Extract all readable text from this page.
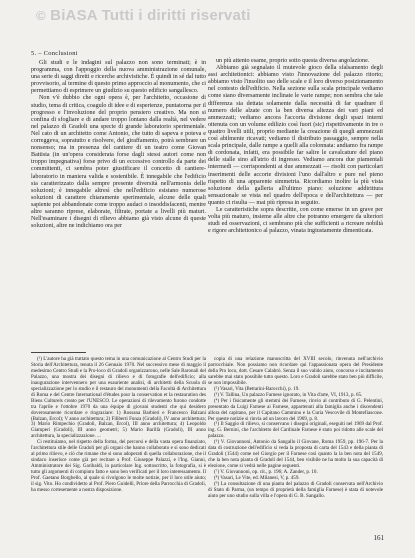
© BiASA Tutti i diritti riservati
5. – Conclusioni

Gli studi e le indagini sul palazzo non sono terminati; è in programma, con l'appoggio della nuova amministrazione comunale, una serie di saggi diretti e ricerche archivistiche. È quindi in sé dal tutto provvisorio, al termine di questo primo approccio al monumento, che ci permettiamo di esprimere un giudizio su questo edificio sangallesco.

Non v'è dubbio che ogni opera è, per l'architetto, occasione di studio, tema di critica, coagulo di idee e di esperienze, puntatorna per il progresso e l'involuzione del proprio pensiero creativo. Ma non si confina di sfogliare e di andare troppo lontano dalla realtà, nel vedere nel palazzo di Gradoli una specie di grande laboratorio sperimentale. Nel cato di un architetto come Antonio, che tutto di sapeva e poteva e correggeva, sopratutto e risolvere, del giraffamento, potrà sembrare un nonsenso; ma in presenza del cantiere di un teatro come Giovan Battista (in un'opera considerata forse dagli stessi autori come non troppo impegnativa) forse privo di un eccessivo controllo da parte dei committenti, ci sembra poter giustificare il concetto di cantiere-laboratorio in maniera valida e sostenibile. È innegabile che l'edificio sia caratterizzato dalla sempre presente diversità nell'armonia delle soluzioni; è innegabile altresì che nell'edificio esistano numerose soluzioni di carattere chiaramente sperimentale, alcune delle quali sapiente poi abbandonate come troppo audaci o insoddisfacenti, mentre altre saranno riprese, elaborate, filtrate, portate a livelli più maturi. Nell'esaminare i disegni di rilievo abbiamo già visto alcune di queste soluzioni, altre ne indichiamo ora per

un più attento esame, proprio sotto questa diversa angolazione.

Abbiamo già segnalato il mutevole gioco della sfalsamento degli assi architettonici: abbiamo visto l'innovazione del palazzo ritorto; abbiamo visto l'insolito uso delle scale e il loro diverso posizionamento nel contesto dell'edificio. Nella sezione sulla scala principale vediamo come siano diversamente inclinate le varie rampe; non sembra che tale differenza sia dettata solamente dalla necessità di far quadrare il numero delle alzate con la ben diversa altezza dei vari piani ed ammezzati; vediamo ancora l'accorta divisione degli spazi interni ottenuta con un volume edilizio così fuori (sic) rispettivamente in tre o quattro livelli utili, proprio mediante la creazione di quegli ammezzati così abilmente ricavati; vediamo il distributo passaggio, sempre nella scala principale, dalle rampe a quelli alla colonnata: andiamo fra rampe di cordonata, infatti, era possibile far salire le cavalcature del piano delle stalle sino all'atrio di ingresso. Vediamo ancora due piamentali intermedi — corrispondenti ai due ammezzati — risolti con particolari inserimenti delle accorte divisioni l'uno dall'altro e pure nel pieno rispetto di una apparente simmetria. Ricordiamo inoltre la più vista soluzione della galleria all'ultimo piano: soluzione addirittura sensazionale se vista nel quadro dell'epoca e dell'architettura — per quanto ci risulta — mai più ripresa in seguito.

Le caratteristiche sopra descritte, con come emerse in un grave per volta più maturo, insieme alle altre che potranno emergere da ulteriori studi ed osservazioni, ci sembrano più che sufficienti a ricreare nobiltà e rigore architettonico al palazzo, vinata ingiustamente dimenticata.

(¹) L'autore ha già trattato questo tema in una comunicazione al Centro Studi per la Storia dell'Architettura, tenuta il 26 Gennaio 1970. Nel successivo mese di maggio il medesimo Centro Studi e la Pro-loco di Gradoli organizzarono, nelle Sale Baronali del Palazzo, una mostra dei disegni di rilievo e di fotografie dell'edificio; alla inaugurazione intervennero per una esauriente analisi, di architetti della Scuola di specializzazione per lo studio e il restauro dei monumenti della Facoltà di Architettura di Roma e del Centre International d'études pour la conservation et la restauration des Biens Culturels creato per l'UNESCO. Le operazioni di rilevamento furono condotte tra l'aprile e l'ottobre 1970 da una équipe di giovani studenti che qui desidero doverosamente ricordare e ringraziare: 1) Rossana Barbieri e Francesco Balzani (Balzan, Ercol); V anno architettura; 2) Filiberti Funza (Gradoli), IV anno architettura; 3) Mario Rimpechio (Gradoli, Balzan, Ercol), III anno architettura; 4) Leopoldo Giamperi (Gradoli), III anno geometri; 5) Mario Barillà (Gradoli), III anno architettura, la specializzazione. ...

Ci restituiamo, nel rispetto della forma, dei percorsi e della vasta opera finanziato, l'architettura stile delle Gradoli per gli organi che hanno collaborato e si sono dedicati al primo rilievo, e ciò che rimane che si sono adoperati di quella collaborazione, che il sindaco inserisce come già per recitare a Prof. Giuseppe Palazzi, e l'Ing. Gianni, Amministratore dei Sig. Garibaldi, in particolare Ing. sottoscritto, la fotografia, si è tutto gli argomenti di compiuto fatto e sono ben verificati per il loro interessamento. Il Prof. Gaetano Borghello, al quale si rivolgono le molte notizie, per il loro utile aiuto; il sig. Vito. Ho condividetto al Prof. Piero Guidelli, Priore della Parrocchia di Gradoli, ha messo cortesemente a nostra disposizione.

copia di una relazione manoscritta del XVIII secolo, rinvenuta nell'archivio parrocchiale. Non possiamo non ricordare qui l'appassionata opera del Presidente della Pro loco, dott. Cesare Calabrò. Senza il suo valido aiuto, concorso e incitamento sarebbe mai stato possibile tutto questo. Loro e Gradoli sarebbe stato ben più difficile, se non impossibile.

(²) Vasari, Vita (Bettarini-Barocchi), p. 19.

(³) V. Tallina, Un palazzo Farnese ignorato, in Vita d'arte, VI, 1913, p. 65.

(⁴) Per i fisicamente gli stemmi dei Farnese, rinvio al contributo di G. Pelentini, presentato da Luigi Farnese ai Farnese, appartenuti alla famiglia anche i discendenti allora del capitano, per il Capitano Cammino e la Curia Vescovile di Montefiascone. Per queste notizie si rinvia ad un lavoro del 1969, p. 8.

(⁵) Il Saggio di rilievo, si conservano i disegni originali, eseguiti nel 1969 dal Prof. ing. G. Bernini, che l'architetto del Cardinale Farnese è stato poi ridotto alle scale del palazzo.

(⁶) V. Giovannoni, Antonio da Sangallo il Giovane, Roma 1959, pp. 196-7. Per la data di costruzione dell'edificio si veda la proposta di carta del 1543 e della pianta di Gradoli (1544) come nel Giorgio per il Farnese così quanto la la ben nota del 1549, che la ben nota pianta di Gradoli del 1544, ben visibile ne ha molto la sua capacità di elezione, come si vedrà nelle pagine seguenti.

(⁷) V. Giovannoni, op. cit., p. 196; A. Zander, p. 10.

(⁸) Vasari, Le Vite, ed. Milanesi, V, p. 459.

(⁹) La consultazione di una pianta del palazzo di Gradoli conservata nell'Archivio di Stato di Parma, (un tempo di proprietà della famiglia Farnese) è stata di notevole aiuto per uno studio sulla villa e l'opera di G. B. Sangallo.

161
